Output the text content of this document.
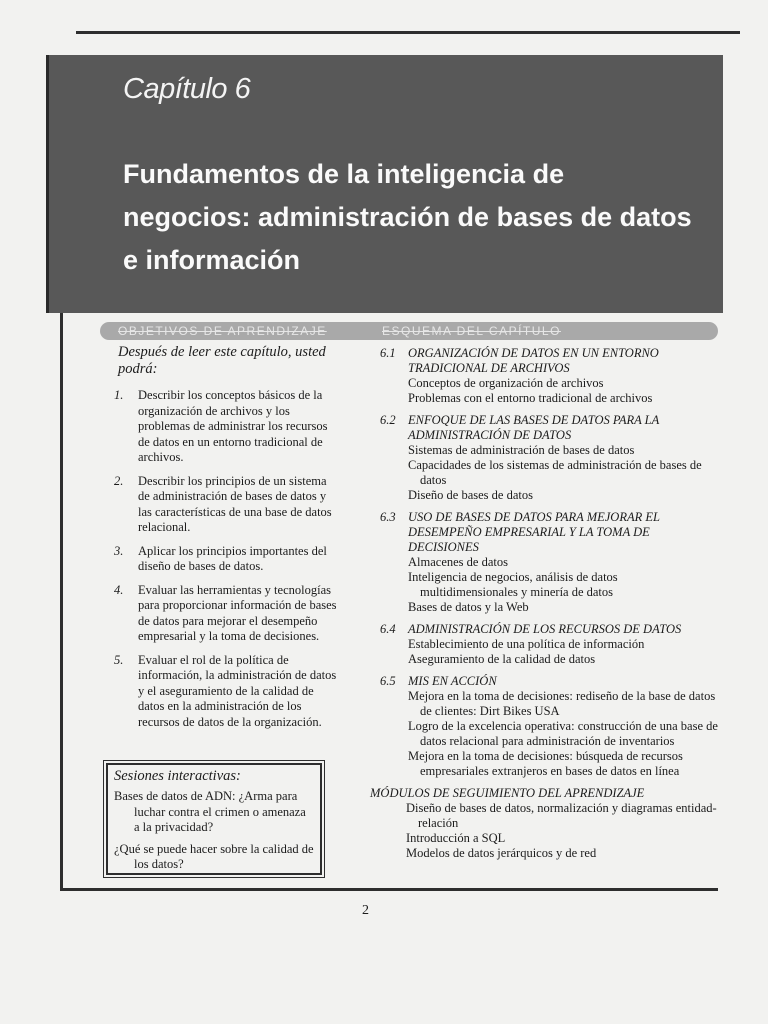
Capítulo 6
Fundamentos de la inteligencia de negocios: administración de bases de datos e información
OBJETIVOS DE APRENDIZAJE	ESQUEMA DEL CAPÍTULO

Después de leer este capítulo, usted podrá:

1. Describir los conceptos básicos de la organización de archivos y los problemas de administrar los recursos de datos en un entorno tradicional de archivos.
2. Describir los principios de un sistema de administración de bases de datos y las características de una base de datos relacional.
3. Aplicar los principios importantes del diseño de bases de datos.
4. Evaluar las herramientas y tecnologías para proporcionar información de bases de datos para mejorar el desempeño empresarial y la toma de decisiones.
5. Evaluar el rol de la política de información, la administración de datos y el aseguramiento de la calidad de datos en la administración de los recursos de datos de la organización.
Sesiones interactivas:
Bases de datos de ADN: ¿Arma para luchar contra el crimen o amenaza a la privacidad?
¿Qué se puede hacer sobre la calidad de los datos?
6.1 ORGANIZACIÓN DE DATOS EN UN ENTORNO TRADICIONAL DE ARCHIVOS
Conceptos de organización de archivos
Problemas con el entorno tradicional de archivos
6.2 ENFOQUE DE LAS BASES DE DATOS PARA LA ADMINISTRACIÓN DE DATOS
Sistemas de administración de bases de datos
Capacidades de los sistemas de administración de bases de datos
Diseño de bases de datos
6.3 USO DE BASES DE DATOS PARA MEJORAR EL DESEMPEÑO EMPRESARIAL Y LA TOMA DE DECISIONES
Almacenes de datos
Inteligencia de negocios, análisis de datos multidimensionales y minería de datos
Bases de datos y la Web
6.4 ADMINISTRACIÓN DE LOS RECURSOS DE DATOS
Establecimiento de una política de información
Aseguramiento de la calidad de datos
6.5 MIS EN ACCIÓN
Mejora en la toma de decisiones: rediseño de la base de datos de clientes: Dirt Bikes USA
Logro de la excelencia operativa: construcción de una base de datos relacional para administración de inventarios
Mejora en la toma de decisiones: búsqueda de recursos empresariales extranjeros en bases de datos en línea
MÓDULOS DE SEGUIMIENTO DEL APRENDIZAJE
Diseño de bases de datos, normalización y diagramas entidad-relación
Introducción a SQL
Modelos de datos jerárquicos y de red
2
